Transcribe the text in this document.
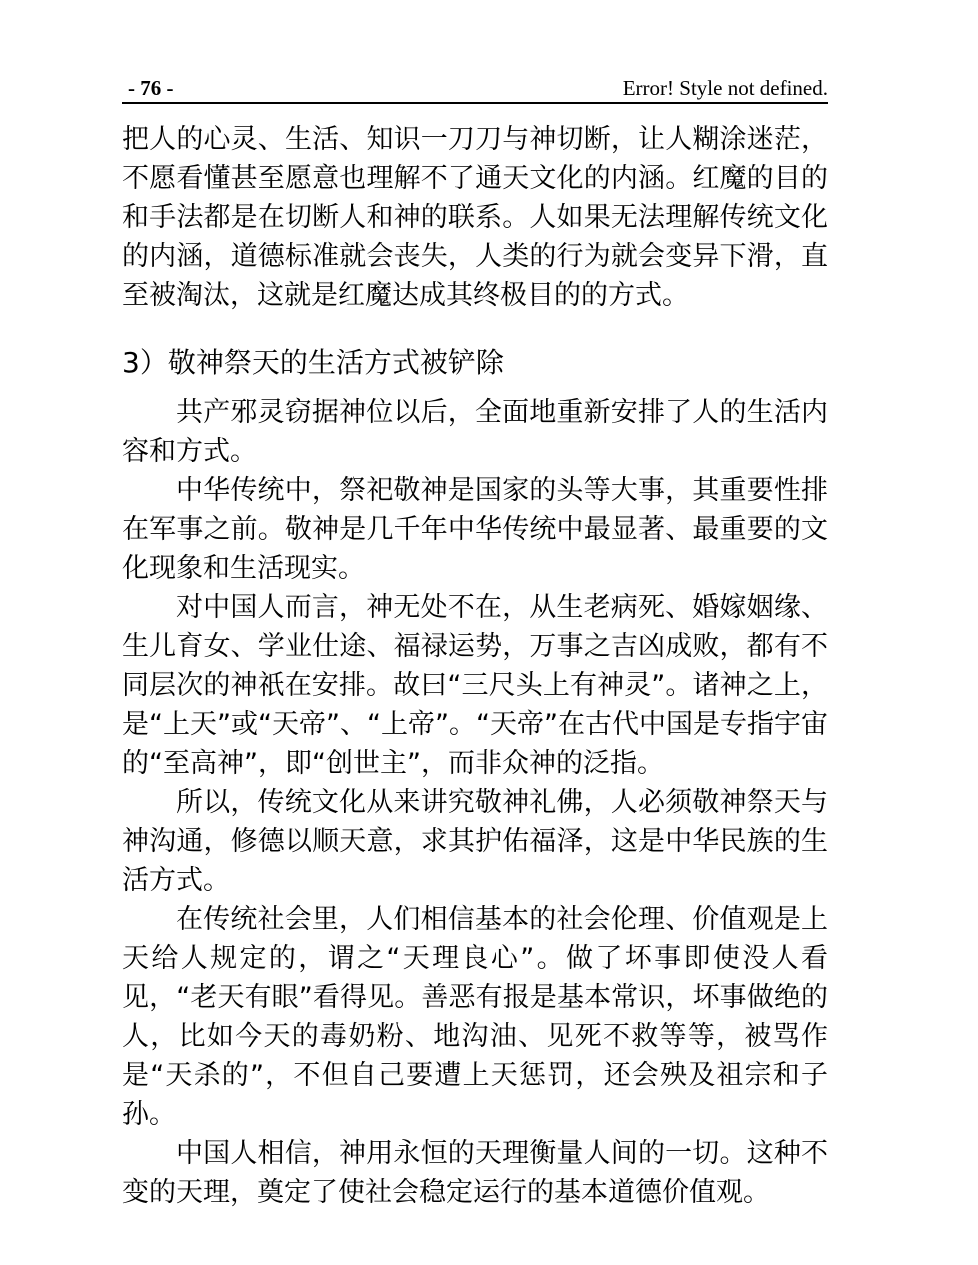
- 76 -	Error! Style not defined.

把人的心灵、生活、知识一刀刀与神切断，让人糊涂迷茫，不愿看懂甚至愿意也理解不了通天文化的内涵。红魔的目的和手法都是在切断人和神的联系。人如果无法理解传统文化的内涵，道德标准就会丧失，人类的行为就会变异下滑，直至被淘汰，这就是红魔达成其终极目的的方式。

3）敬神祭天的生活方式被铲除

共产邪灵窃据神位以后，全面地重新安排了人的生活内容和方式。

中华传统中，祭祀敬神是国家的头等大事，其重要性排在军事之前。敬神是几千年中华传统中最显著、最重要的文化现象和生活现实。

对中国人而言，神无处不在，从生老病死、婚嫁姻缘、生儿育女、学业仕途、福禄运势，万事之吉凶成败，都有不同层次的神祇在安排。故曰“三尺头上有神灵”。诸神之上，是“上天”或“天帝”、“上帝”。“天帝”在古代中国是专指宇宙的“至高神”，即“创世主”，而非众神的泛指。

所以，传统文化从来讲究敬神礼佛，人必须敬神祭天与神沟通，修德以顺天意，求其护佑福泽，这是中华民族的生活方式。

在传统社会里，人们相信基本的社会伦理、价值观是上天给人规定的，谓之“天理良心”。做了坏事即使没人看见，“老天有眼”看得见。善恶有报是基本常识，坏事做绝的人，比如今天的毒奶粉、地沟油、见死不救等等，被骂作是“天杀的”，不但自己要遭上天惩罚，还会殃及祖宗和子孙。

中国人相信，神用永恒的天理衡量人间的一切。这种不变的天理，奠定了使社会稳定运行的基本道德价值观。
